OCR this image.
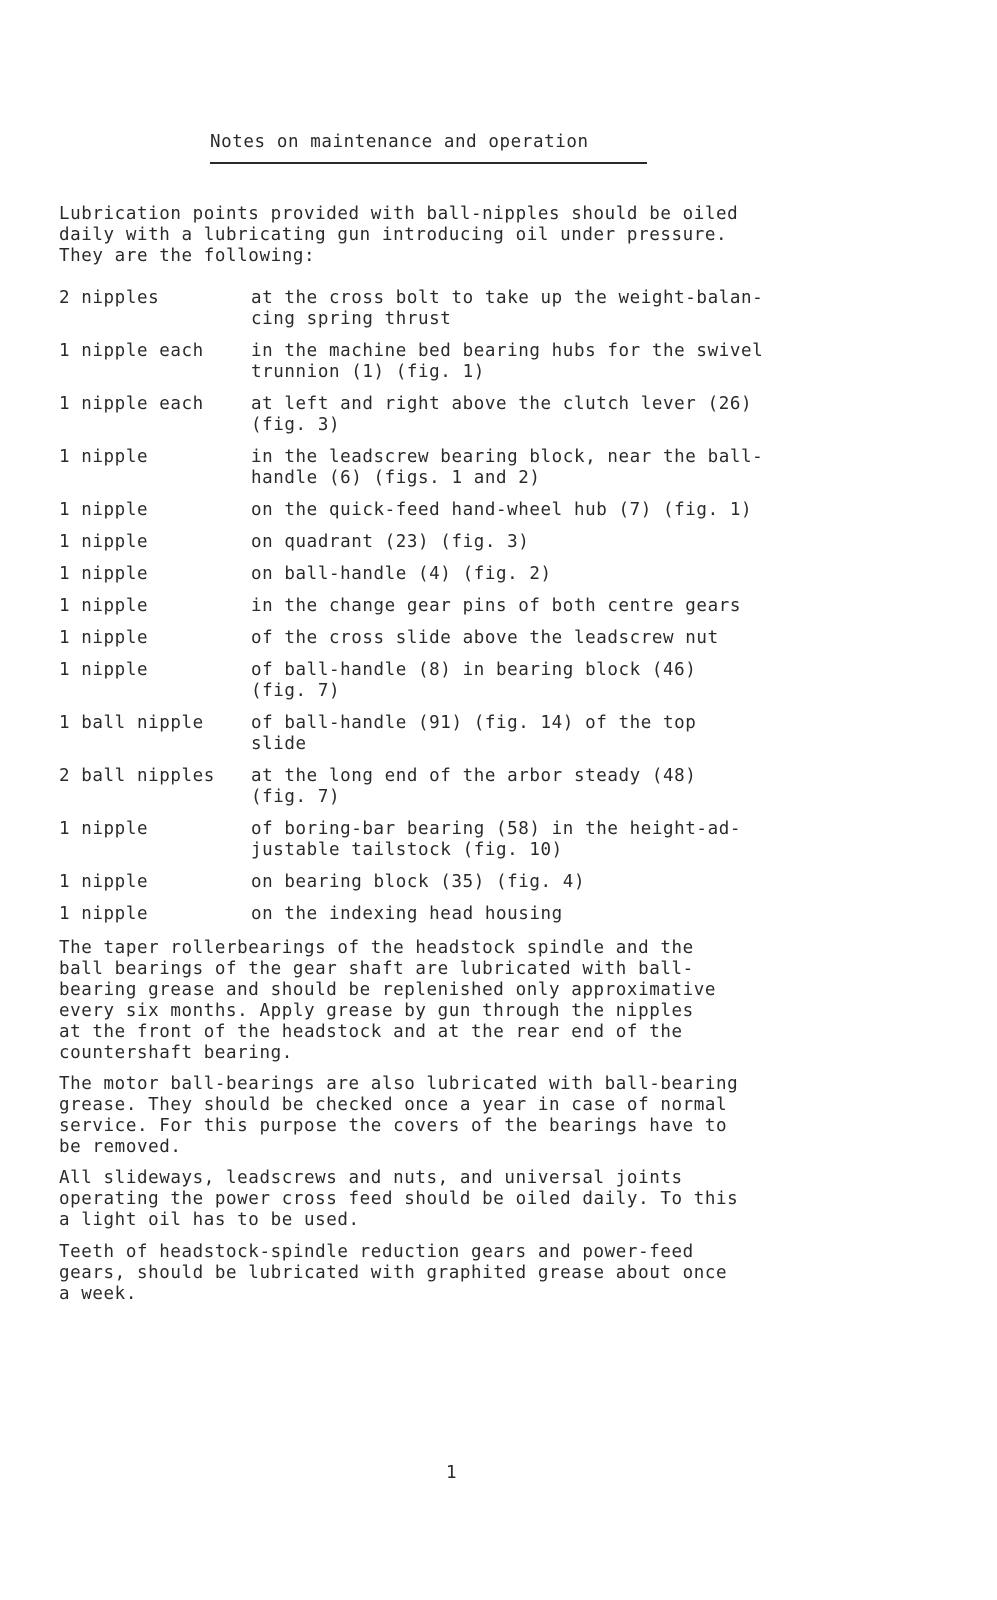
Notes on maintenance and operation
Lubrication points provided with ball-nipples should be oiled
daily with a lubricating gun introducing oil under pressure.
They are the following:
2 nipples	at the cross bolt to take up the weight-balan-
cing spring thrust
1 nipple each	in the machine bed bearing hubs for the swivel
trunnion (1) (fig. 1)
1 nipple each	at left and right above the clutch lever (26)
(fig. 3)
1 nipple	in the leadscrew bearing block, near the ball-
handle (6) (figs. 1 and 2)
1 nipple	on the quick-feed hand-wheel hub (7) (fig. 1)
1 nipple	on quadrant (23) (fig. 3)
1 nipple	on ball-handle (4) (fig. 2)
1 nipple	in the change gear pins of both centre gears
1 nipple	of the cross slide above the leadscrew nut
1 nipple	of ball-handle (8) in bearing block (46)
(fig. 7)
1 ball nipple	of ball-handle (91) (fig. 14) of the top
slide
2 ball nipples	at the long end of the arbor steady (48)
(fig. 7)
1 nipple	of boring-bar bearing (58) in the height-ad-
justable tailstock (fig. 10)
1 nipple	on bearing block (35) (fig. 4)
1 nipple	on the indexing head housing
The taper rollerbearings of the headstock spindle and the
ball bearings of the gear shaft are lubricated with ball-
bearing grease and should be replenished only approximative
every six months. Apply grease by gun through the nipples
at the front of the headstock and at the rear end of the
countershaft bearing.
The motor ball-bearings are also lubricated with ball-bearing
grease. They should be checked once a year in case of normal
service. For this purpose the covers of the bearings have to
be removed.
All slideways, leadscrews and nuts, and universal joints
operating the power cross feed should be oiled daily. To this
a light oil has to be used.
Teeth of headstock-spindle reduction gears and power-feed
gears, should be lubricated with graphited grease about once
a week.
1
